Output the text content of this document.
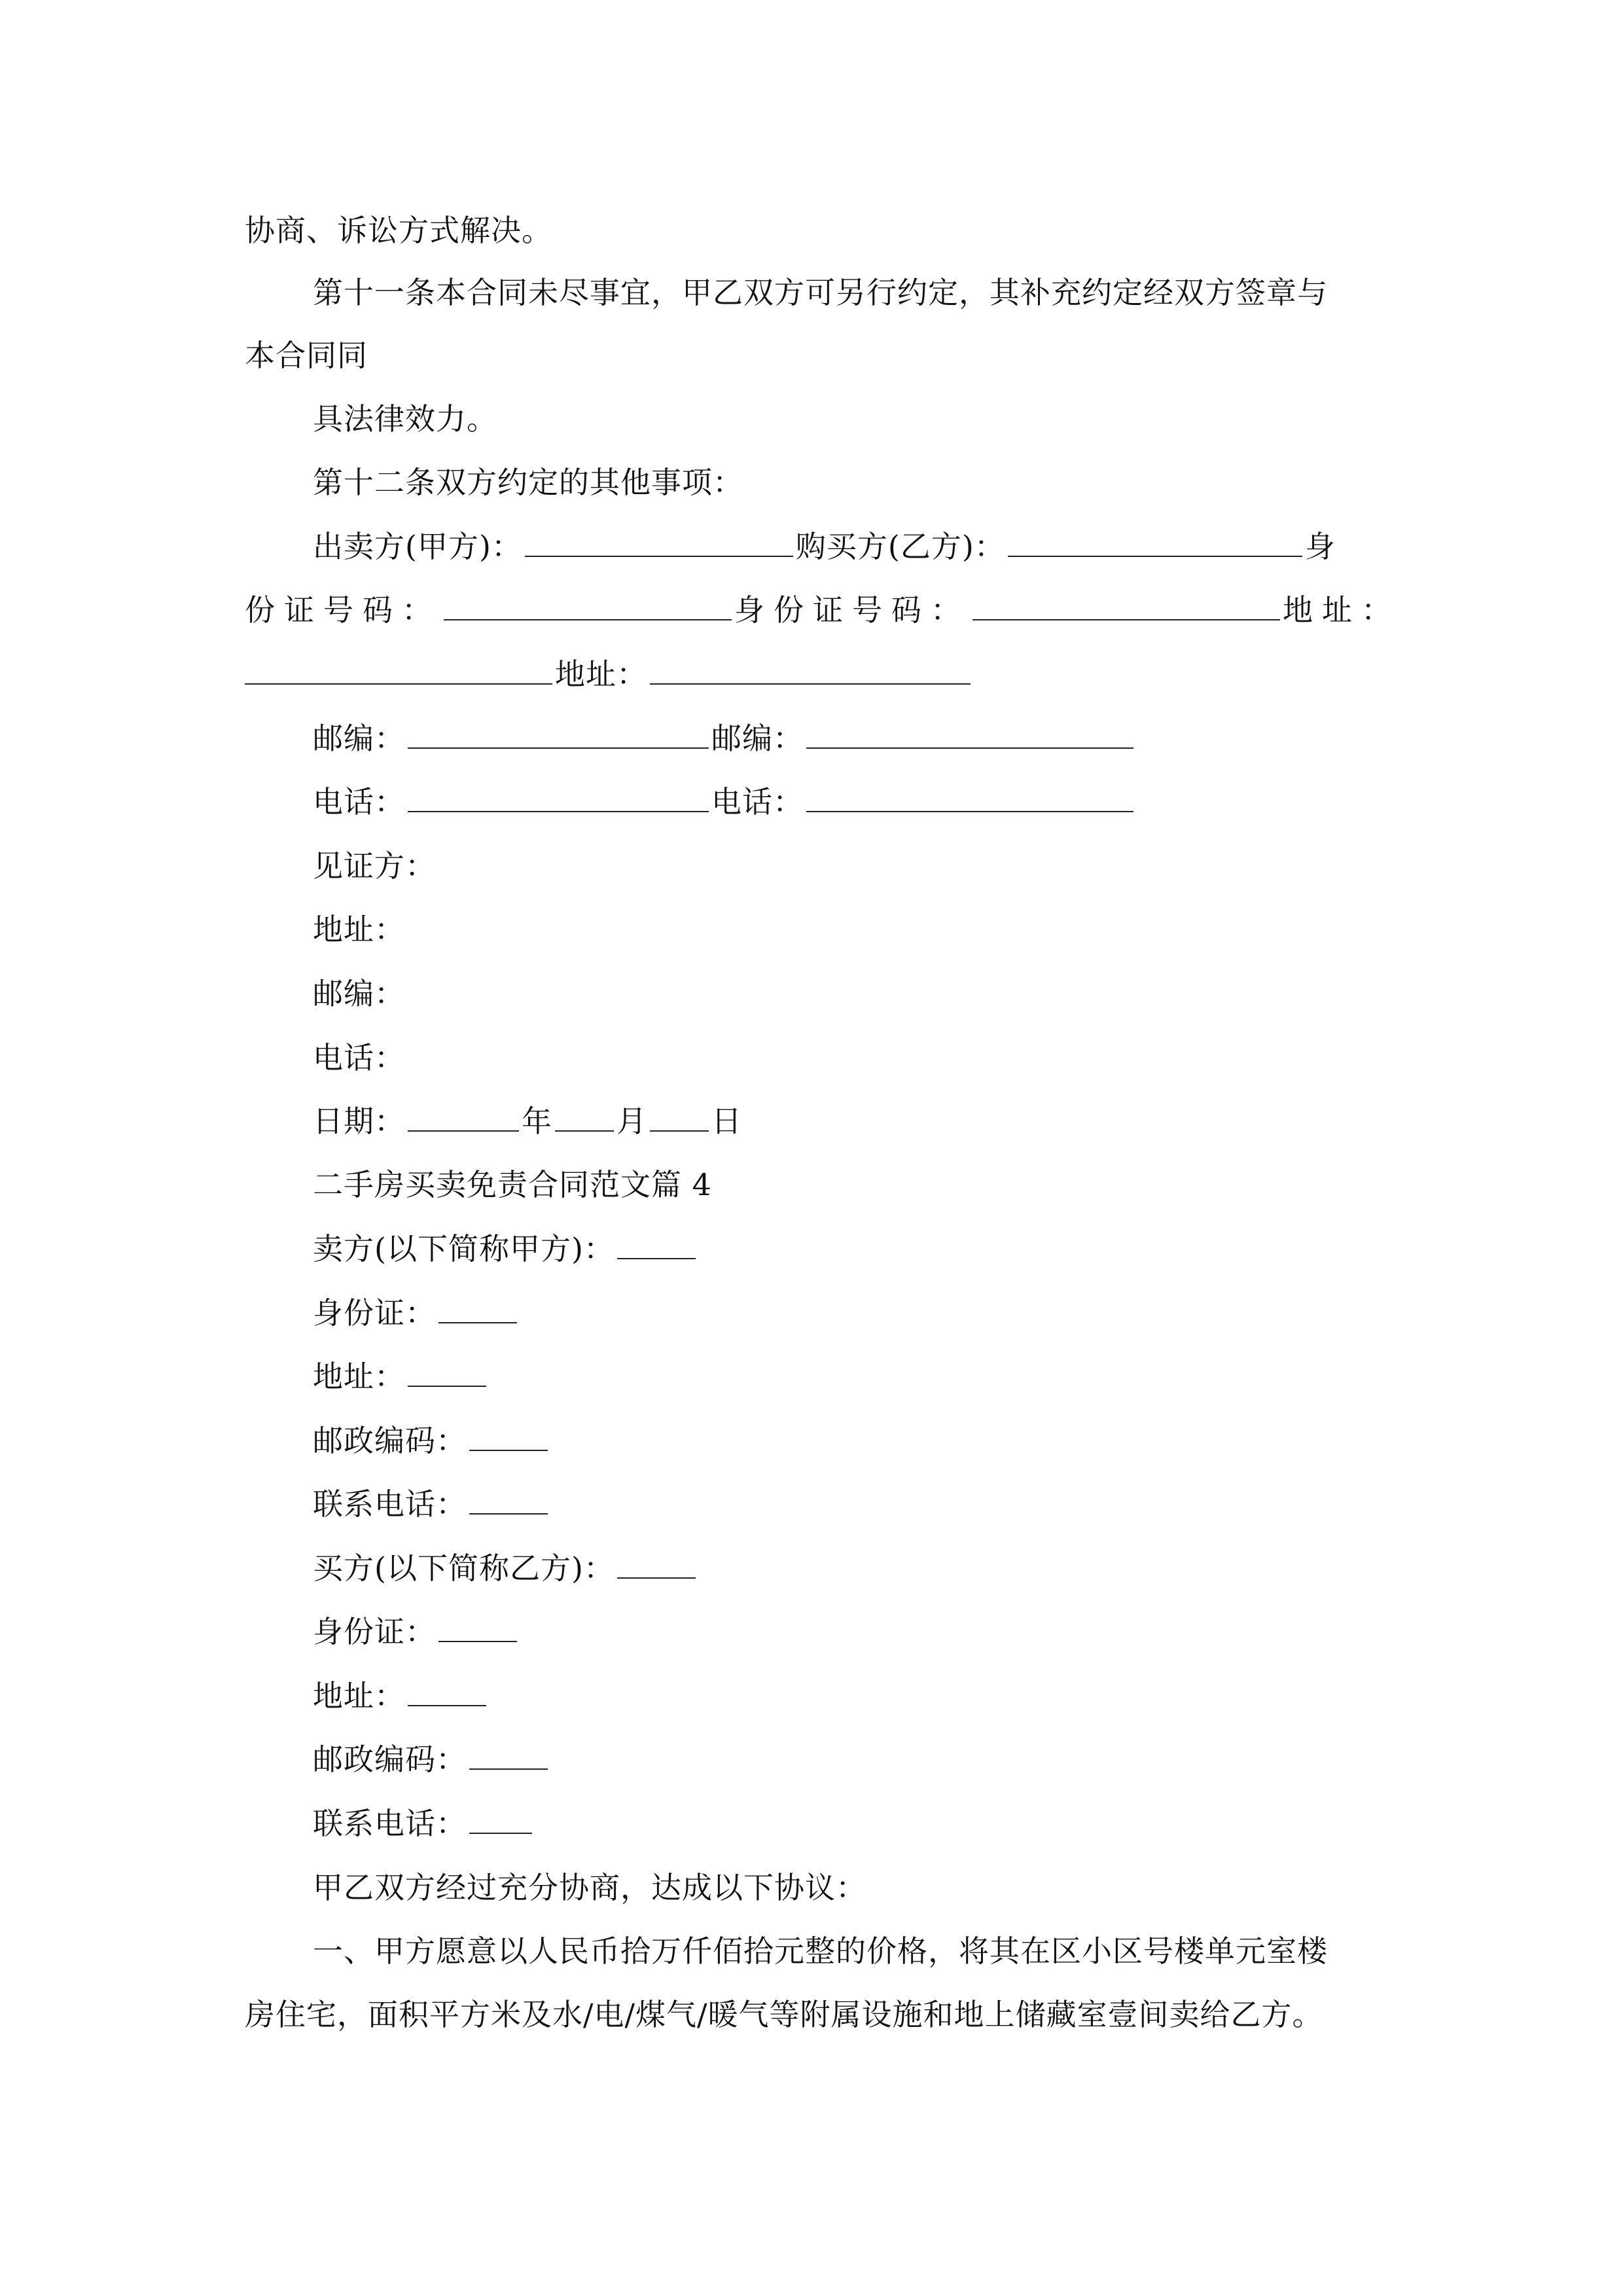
协商、诉讼方式解决。
第十一条本合同未尽事宜，甲乙双方可另行约定，其补充约定经双方签章与
本合同同
具法律效力。
第十二条双方约定的其他事项：
出卖方(甲方)：	购买方(乙方)：	身
份证号码：	身份证号码：	地址：
地址：
邮编：	邮编：
电话：	电话：
见证方：
地址：
邮编：
电话：
日期：	年 月 日
二手房买卖免责合同范文篇 4
卖方(以下简称甲方)：
身份证：
地址：
邮政编码：
联系电话：
买方(以下简称乙方)：
身份证：
地址：
邮政编码：
联系电话：
甲乙双方经过充分协商，达成以下协议：
一、甲方愿意以人民币拾万仟佰拾元整的价格，将其在区小区号楼单元室楼
房住宅，面积平方米及水/电/煤气/暖气等附属设施和地上储藏室壹间卖给乙方。
